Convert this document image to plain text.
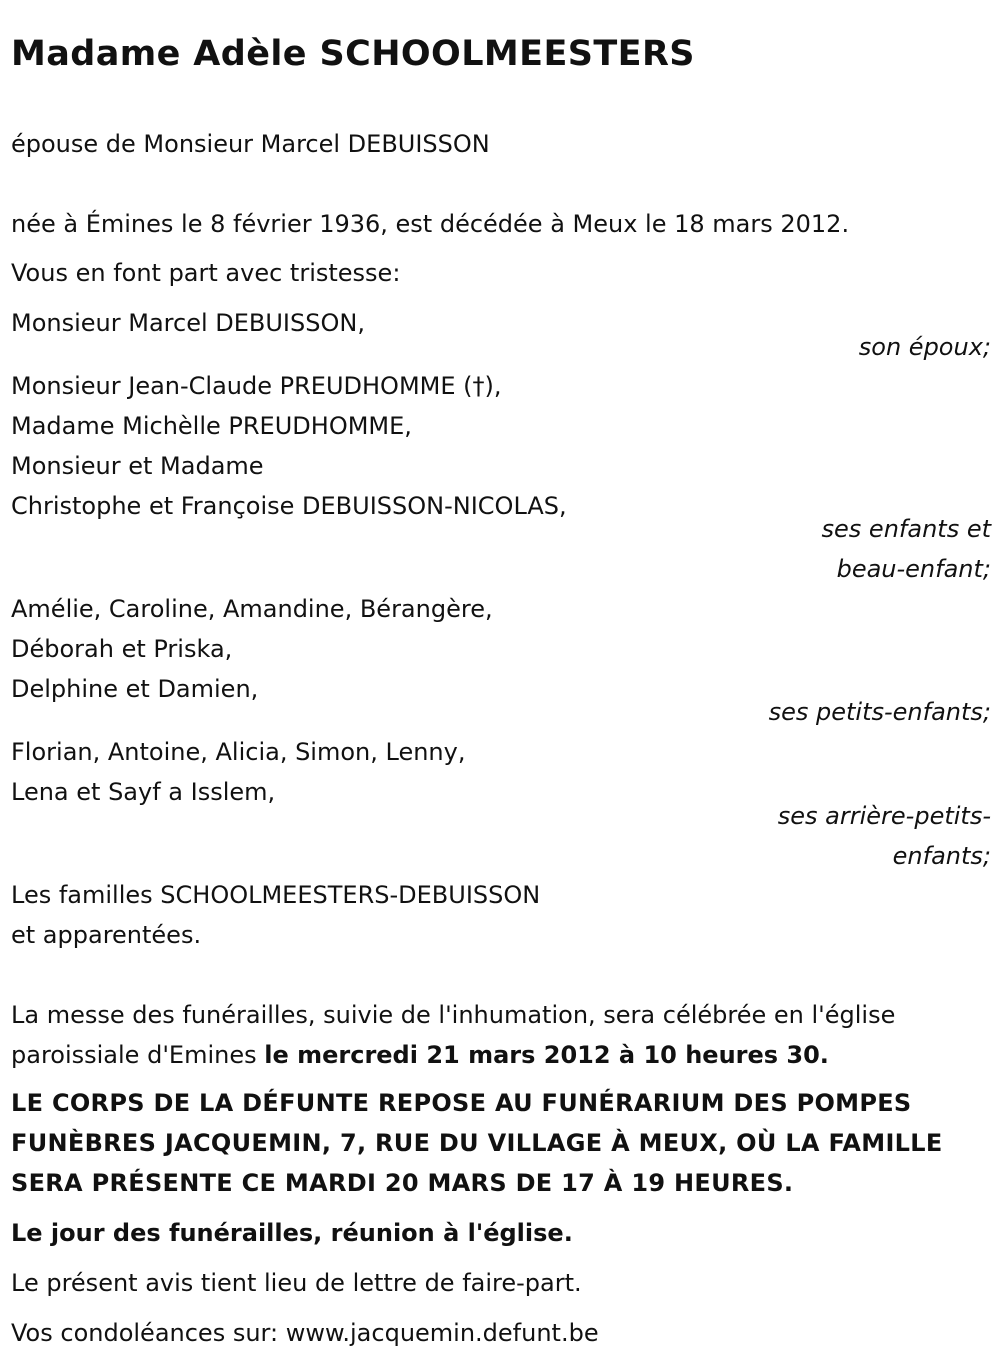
Madame Adèle SCHOOLMEESTERS
épouse de Monsieur Marcel DEBUISSON
née à Émines le 8 février 1936, est décédée à Meux le 18 mars 2012.
Vous en font part avec tristesse:
Monsieur Marcel DEBUISSON,
son époux;
Monsieur Jean-Claude PREUDHOMME (†),
Madame Michèlle PREUDHOMME,
Monsieur et Madame
Christophe et Françoise DEBUISSON-NICOLAS,
ses enfants et
beau-enfant;
Amélie, Caroline, Amandine, Bérangère,
Déborah et Priska,
Delphine et Damien,
ses petits-enfants;
Florian, Antoine, Alicia, Simon, Lenny,
Lena et Sayf a Isslem,
ses arrière-petits-
enfants;
Les familles SCHOOLMEESTERS-DEBUISSON
et apparentées.
La messe des funérailles, suivie de l'inhumation, sera célébrée en l'église paroissiale d'Emines le mercredi 21 mars 2012 à 10 heures 30.
LE CORPS DE LA DÉFUNTE REPOSE AU FUNÉRARIUM DES POMPES FUNÈBRES JACQUEMIN, 7, RUE DU VILLAGE À MEUX, OÙ LA FAMILLE SERA PRÉSENTE CE MARDI 20 MARS DE 17 À 19 HEURES.
Le jour des funérailles, réunion à l'église.
Le présent avis tient lieu de lettre de faire-part.
Vos condoléances sur: www.jacquemin.defunt.be
